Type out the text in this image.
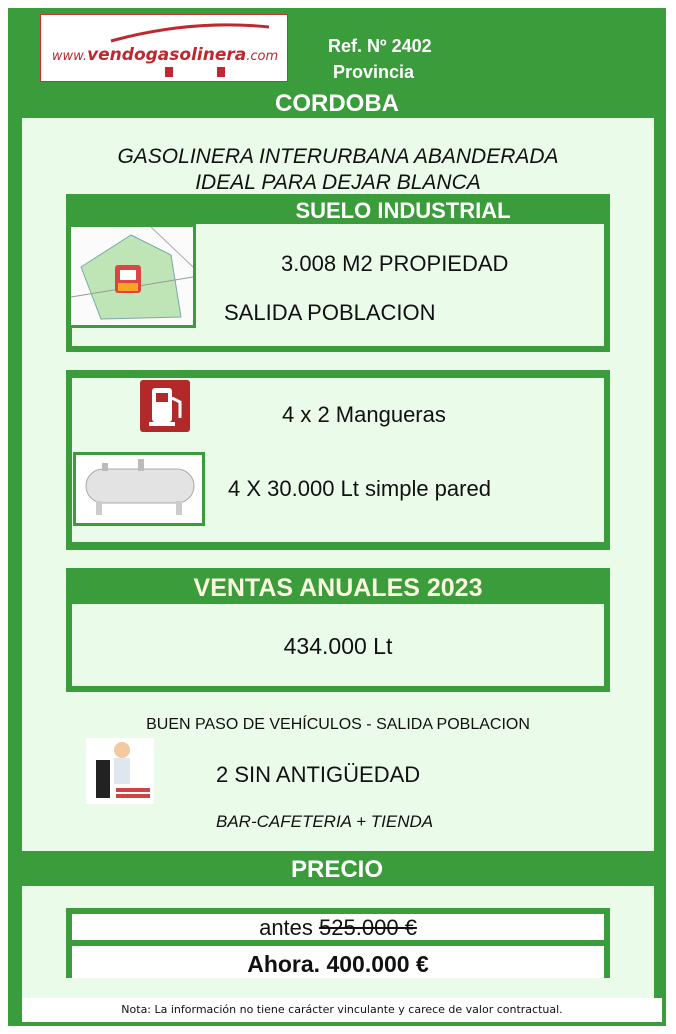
www.vendogasolinera.com
Ref. Nº 2402
Provincia
CORDOBA
GASOLINERA INTERURBANA ABANDERADA
IDEAL PARA DEJAR BLANCA
SUELO INDUSTRIAL
3.008 M2 PROPIEDAD
SALIDA POBLACION
4 x 2 Mangueras
4 X 30.000 Lt simple pared
VENTAS ANUALES 2023
434.000 Lt
BUEN PASO DE VEHÍCULOS - SALIDA POBLACION
2 SIN ANTIGÜEDAD
BAR-CAFETERIA + TIENDA
PRECIO
antes 525.000 €
Ahora. 400.000 €
Nota: La información no tiene carácter vinculante y carece de valor contractual.
